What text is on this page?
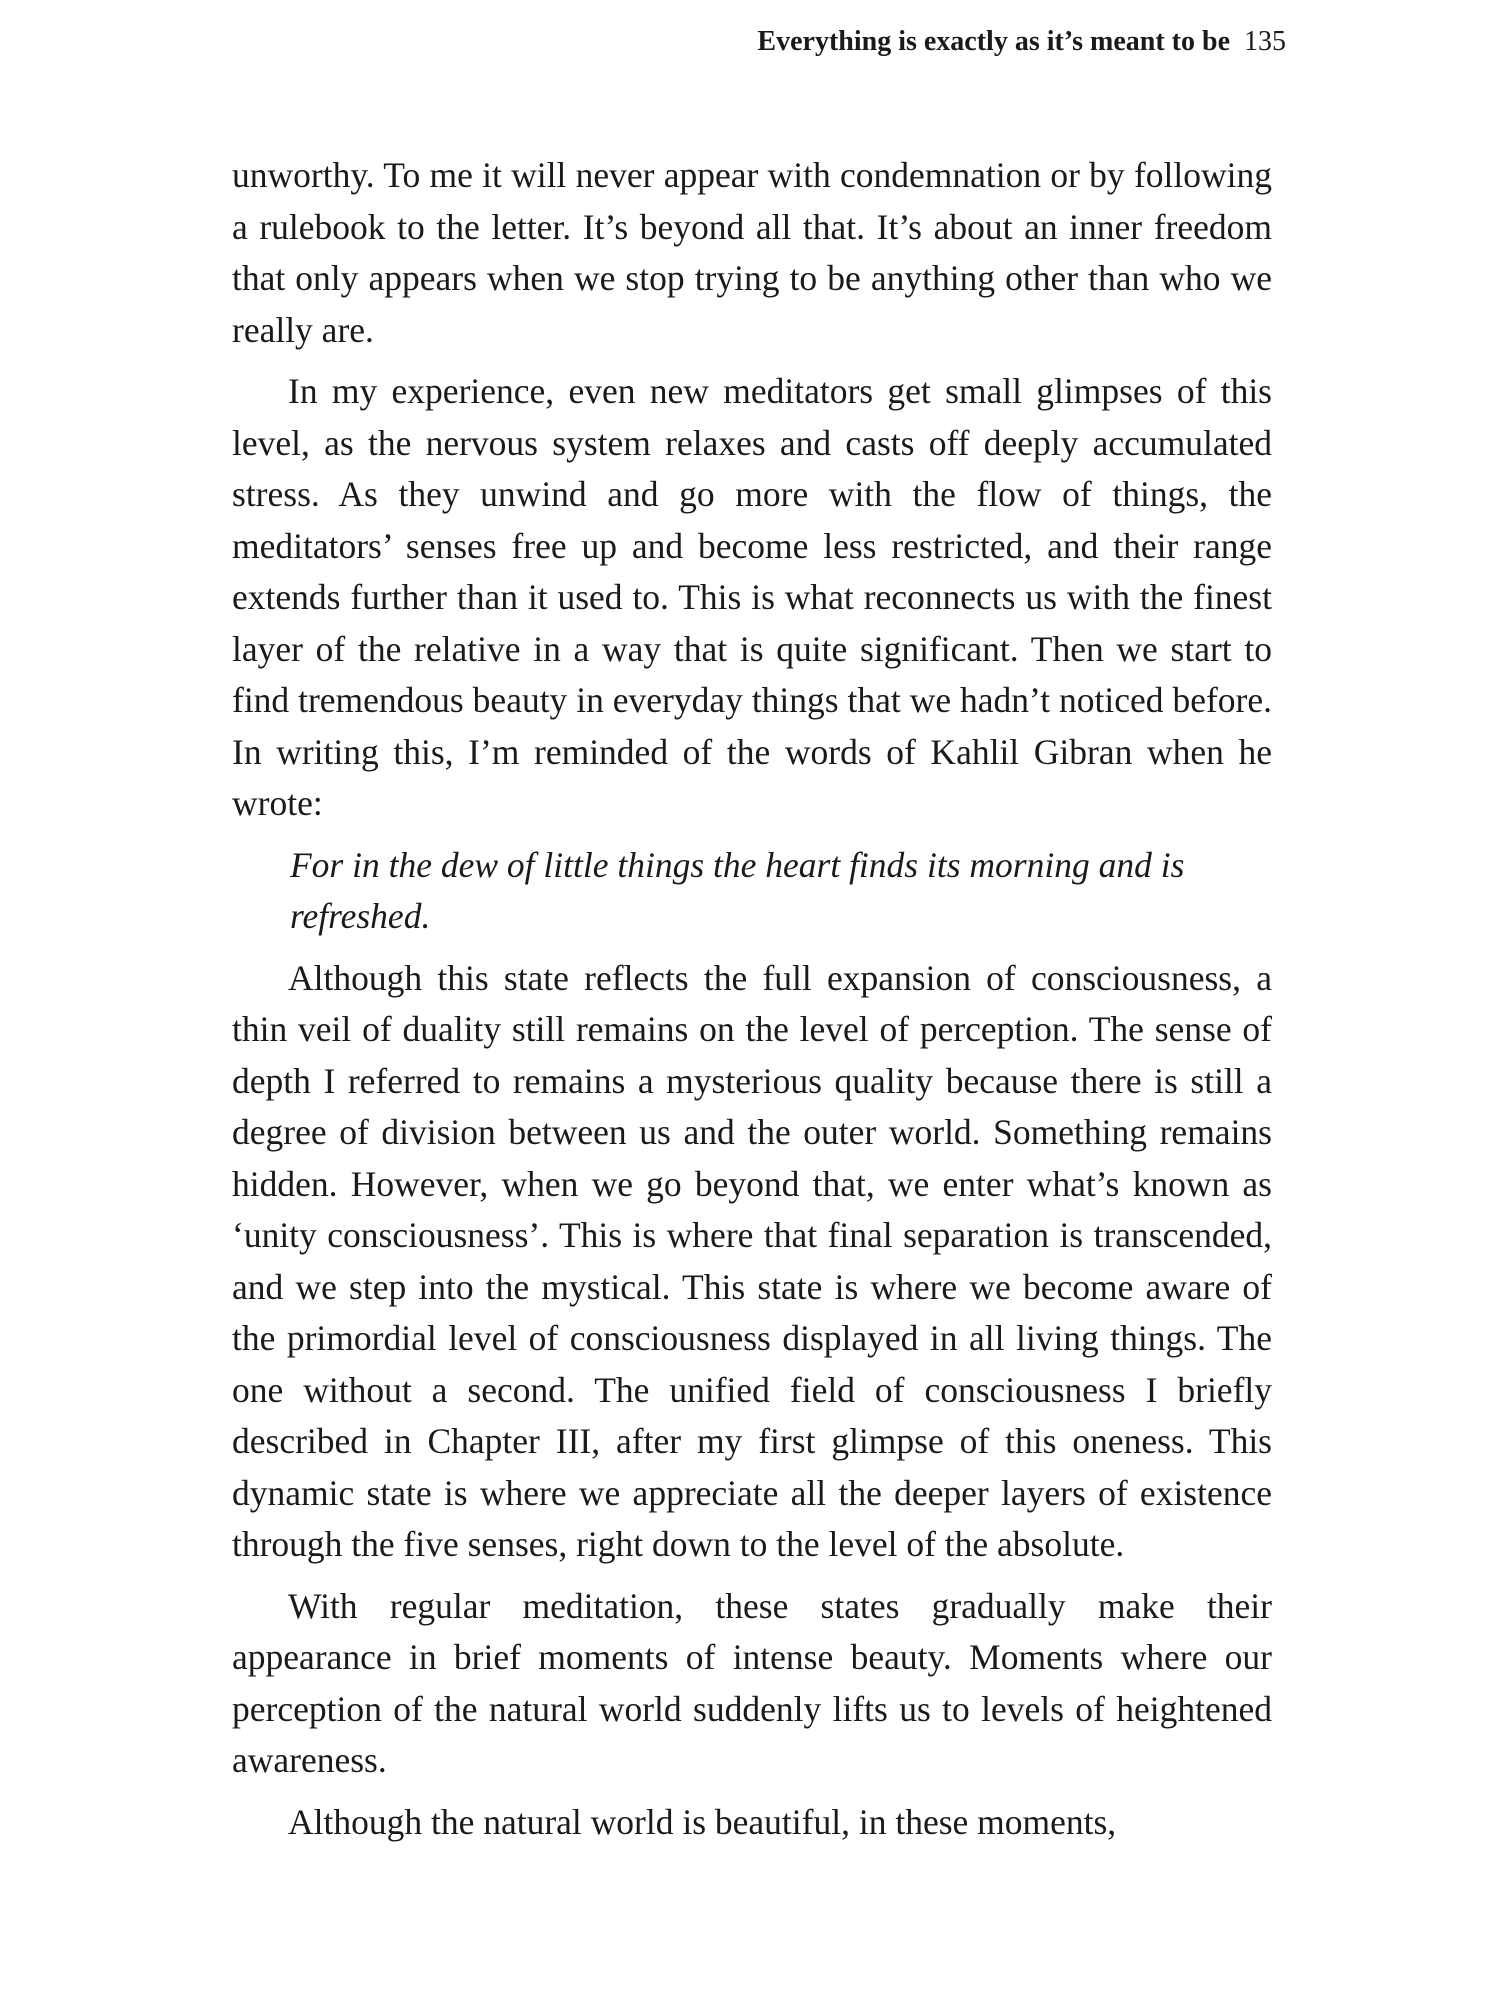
Everything is exactly as it’s meant to be 135

unworthy. To me it will never appear with condemnation or by following a rulebook to the letter. It’s beyond all that. It’s about an inner freedom that only appears when we stop trying to be anything other than who we really are.

In my experience, even new meditators get small glimpses of this level, as the nervous system relaxes and casts off deeply accumulated stress. As they unwind and go more with the flow of things, the meditators’ senses free up and become less restricted, and their range extends further than it used to. This is what reconnects us with the finest layer of the relative in a way that is quite significant. Then we start to find tremendous beauty in everyday things that we hadn’t noticed before. In writing this, I’m reminded of the words of Kahlil Gibran when he wrote:

For in the dew of little things the heart finds its morning and is refreshed.

Although this state reflects the full expansion of consciousness, a thin veil of duality still remains on the level of perception. The sense of depth I referred to remains a mysterious quality because there is still a degree of division between us and the outer world. Something remains hidden. However, when we go beyond that, we enter what’s known as ‘unity consciousness’. This is where that final separation is transcended, and we step into the mystical. This state is where we become aware of the primordial level of consciousness displayed in all living things. The one without a second. The unified field of consciousness I briefly described in Chapter III, after my first glimpse of this oneness. This dynamic state is where we appreciate all the deeper layers of existence through the five senses, right down to the level of the absolute.

With regular meditation, these states gradually make their appearance in brief moments of intense beauty. Moments where our perception of the natural world suddenly lifts us to levels of heightened awareness.

Although the natural world is beautiful, in these moments,
